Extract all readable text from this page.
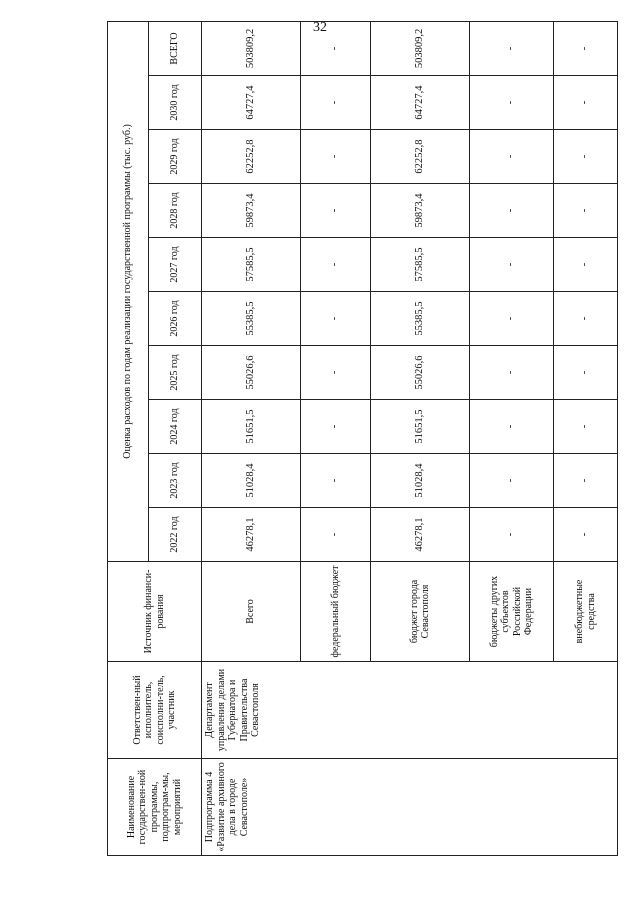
32
Наименование государствен-ной программы, подпрограм-мы, мероприятий	Ответствен-ный исполнитель, соисполни-тель, участник	Источник финанси-рования	Оценка расходов по годам реализации государственной программы (тыс. руб.)									
			2022 год	2023 год	2024 год	2025 год	2026 год	2027 год	2028 год	2029 год	2030 год	ВСЕГО
Подпрограмма 4 «Развитие архивного дела в городе Севастополе»	Департамент управления делами Губернатора и Правительства Севастополя	Всего	46278,1	51028,4	51651,5	55026,6	55385,5	57585,5	59873,4	62252,8	64727,4	503809,2
		федеральный бюджет	-	-	-	-	-	-	-	-	-	-
		бюджет города Севастополя	46278,1	51028,4	51651,5	55026,6	55385,5	57585,5	59873,4	62252,8	64727,4	503809,2
		бюджеты других субъектов Российской Федерации	-	-	-	-	-	-	-	-	-	-
		внебюджетные средства	-	-	-	-	-	-	-	-	-	-
